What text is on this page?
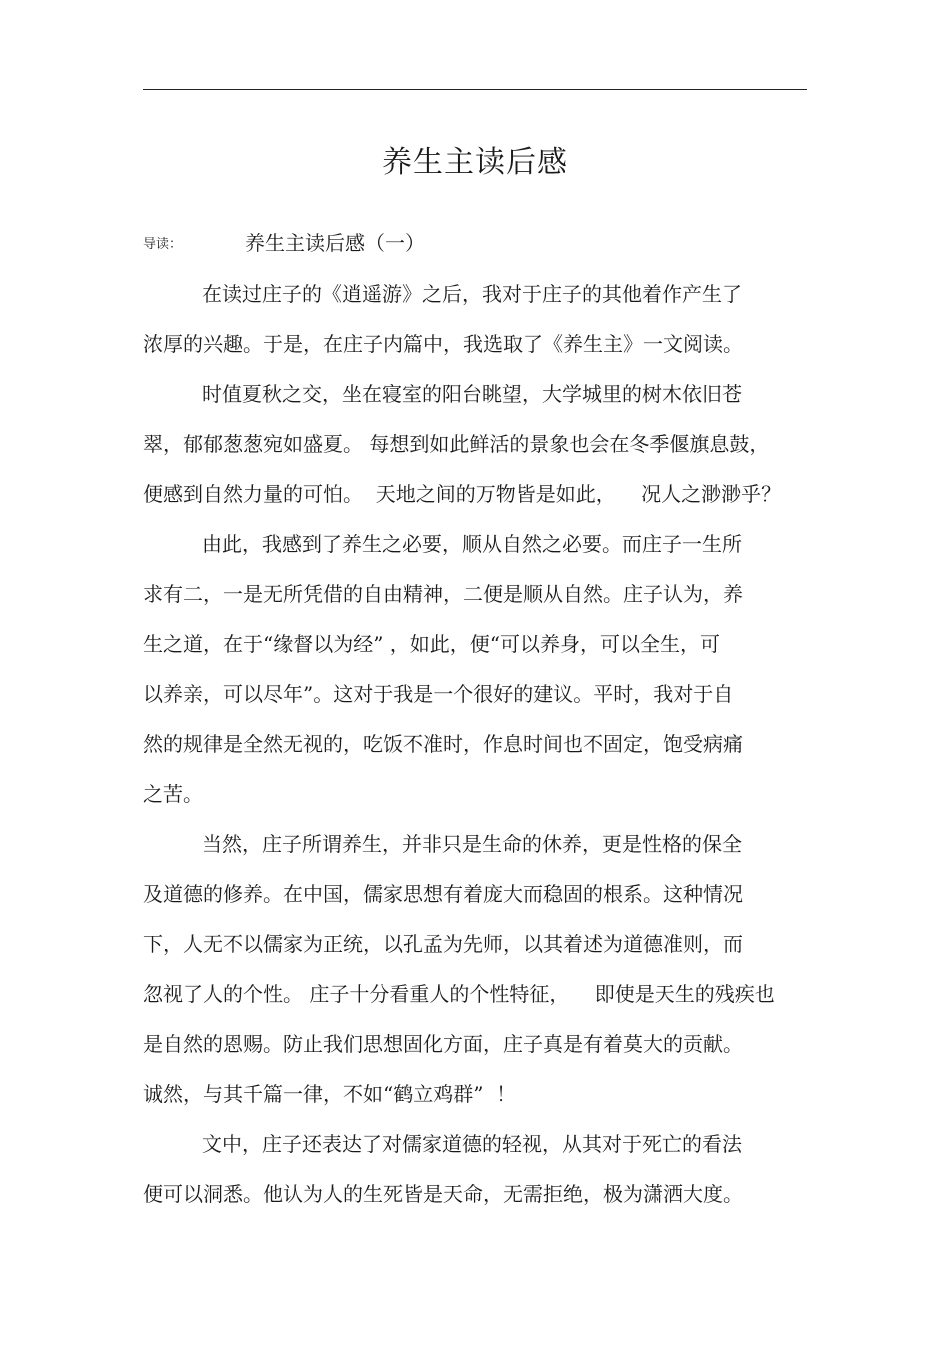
养生主读后感
导读：	养生主读后感（一）
在读过庄子的《逍遥游》之后，我对于庄子的其他着作产生了
浓厚的兴趣。于是，在庄子内篇中，我选取了《养生主》一文阅读。
时值夏秋之交，坐在寝室的阳台眺望，大学城里的树木依旧苍
翠，郁郁葱葱宛如盛夏。 每想到如此鲜活的景象也会在冬季偃旗息鼓，
便感到自然力量的可怕。  天地之间的万物皆是如此，    况人之渺渺乎？
由此，我感到了养生之必要，顺从自然之必要。而庄子一生所
求有二，一是无所凭借的自由精神，二便是顺从自然。庄子认为，养
生之道，在于“缘督以为经” ，如此，便“可以养身，可以全生，可
以养亲，可以尽年”。这对于我是一个很好的建议。平时，我对于自
然的规律是全然无视的，吃饭不准时，作息时间也不固定，饱受病痛
之苦。
当然，庄子所谓养生，并非只是生命的休养，更是性格的保全
及道德的修养。在中国，儒家思想有着庞大而稳固的根系。这种情况
下，人无不以儒家为正统，以孔孟为先师，以其着述为道德准则，而
忽视了人的个性。 庄子十分看重人的个性特征，    即使是天生的残疾也
是自然的恩赐。防止我们思想固化方面，庄子真是有着莫大的贡献。
诚然，与其千篇一律，不如“鹤立鸡群”  ！
文中，庄子还表达了对儒家道德的轻视，从其对于死亡的看法
便可以洞悉。他认为人的生死皆是天命，无需拒绝，极为潇洒大度。
